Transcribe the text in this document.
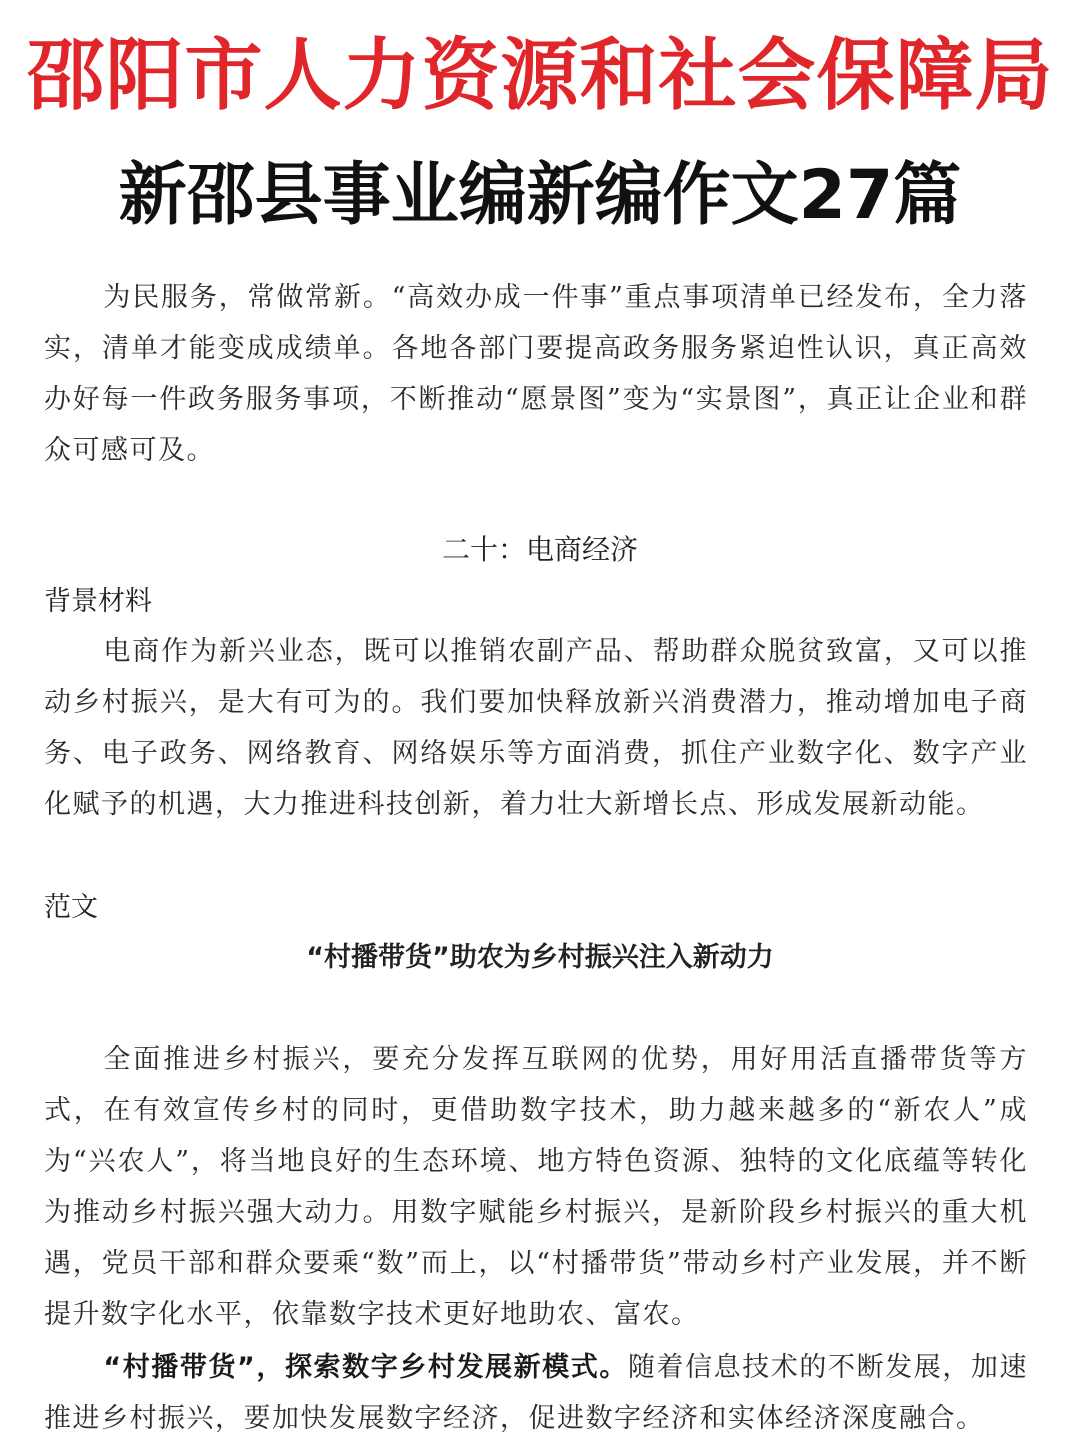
邵阳市人力资源和社会保障局
新邵县事业编新编作文27篇

为民服务，常做常新。“高效办成一件事”重点事项清单已经发布，全力落实，清单才能变成成绩单。各地各部门要提高政务服务紧迫性认识，真正高效办好每一件政务服务事项，不断推动“愿景图”变为“实景图”，真正让企业和群众可感可及。

二十：电商经济
背景材料

电商作为新兴业态，既可以推销农副产品、帮助群众脱贫致富，又可以推动乡村振兴，是大有可为的。我们要加快释放新兴消费潜力，推动增加电子商务、电子政务、网络教育、网络娱乐等方面消费，抓住产业数字化、数字产业化赋予的机遇，大力推进科技创新，着力壮大新增长点、形成发展新动能。

范文
“村播带货”助农为乡村振兴注入新动力

全面推进乡村振兴，要充分发挥互联网的优势，用好用活直播带货等方式，在有效宣传乡村的同时，更借助数字技术，助力越来越多的“新农人”成为“兴农人”，将当地良好的生态环境、地方特色资源、独特的文化底蕴等转化为推动乡村振兴强大动力。用数字赋能乡村振兴，是新阶段乡村振兴的重大机遇，党员干部和群众要乘“数”而上，以“村播带货”带动乡村产业发展，并不断提升数字化水平，依靠数字技术更好地助农、富农。

“村播带货”，探索数字乡村发展新模式。随着信息技术的不断发展，加速推进乡村振兴，要加快发展数字经济，促进数字经济和实体经济深度融合。
